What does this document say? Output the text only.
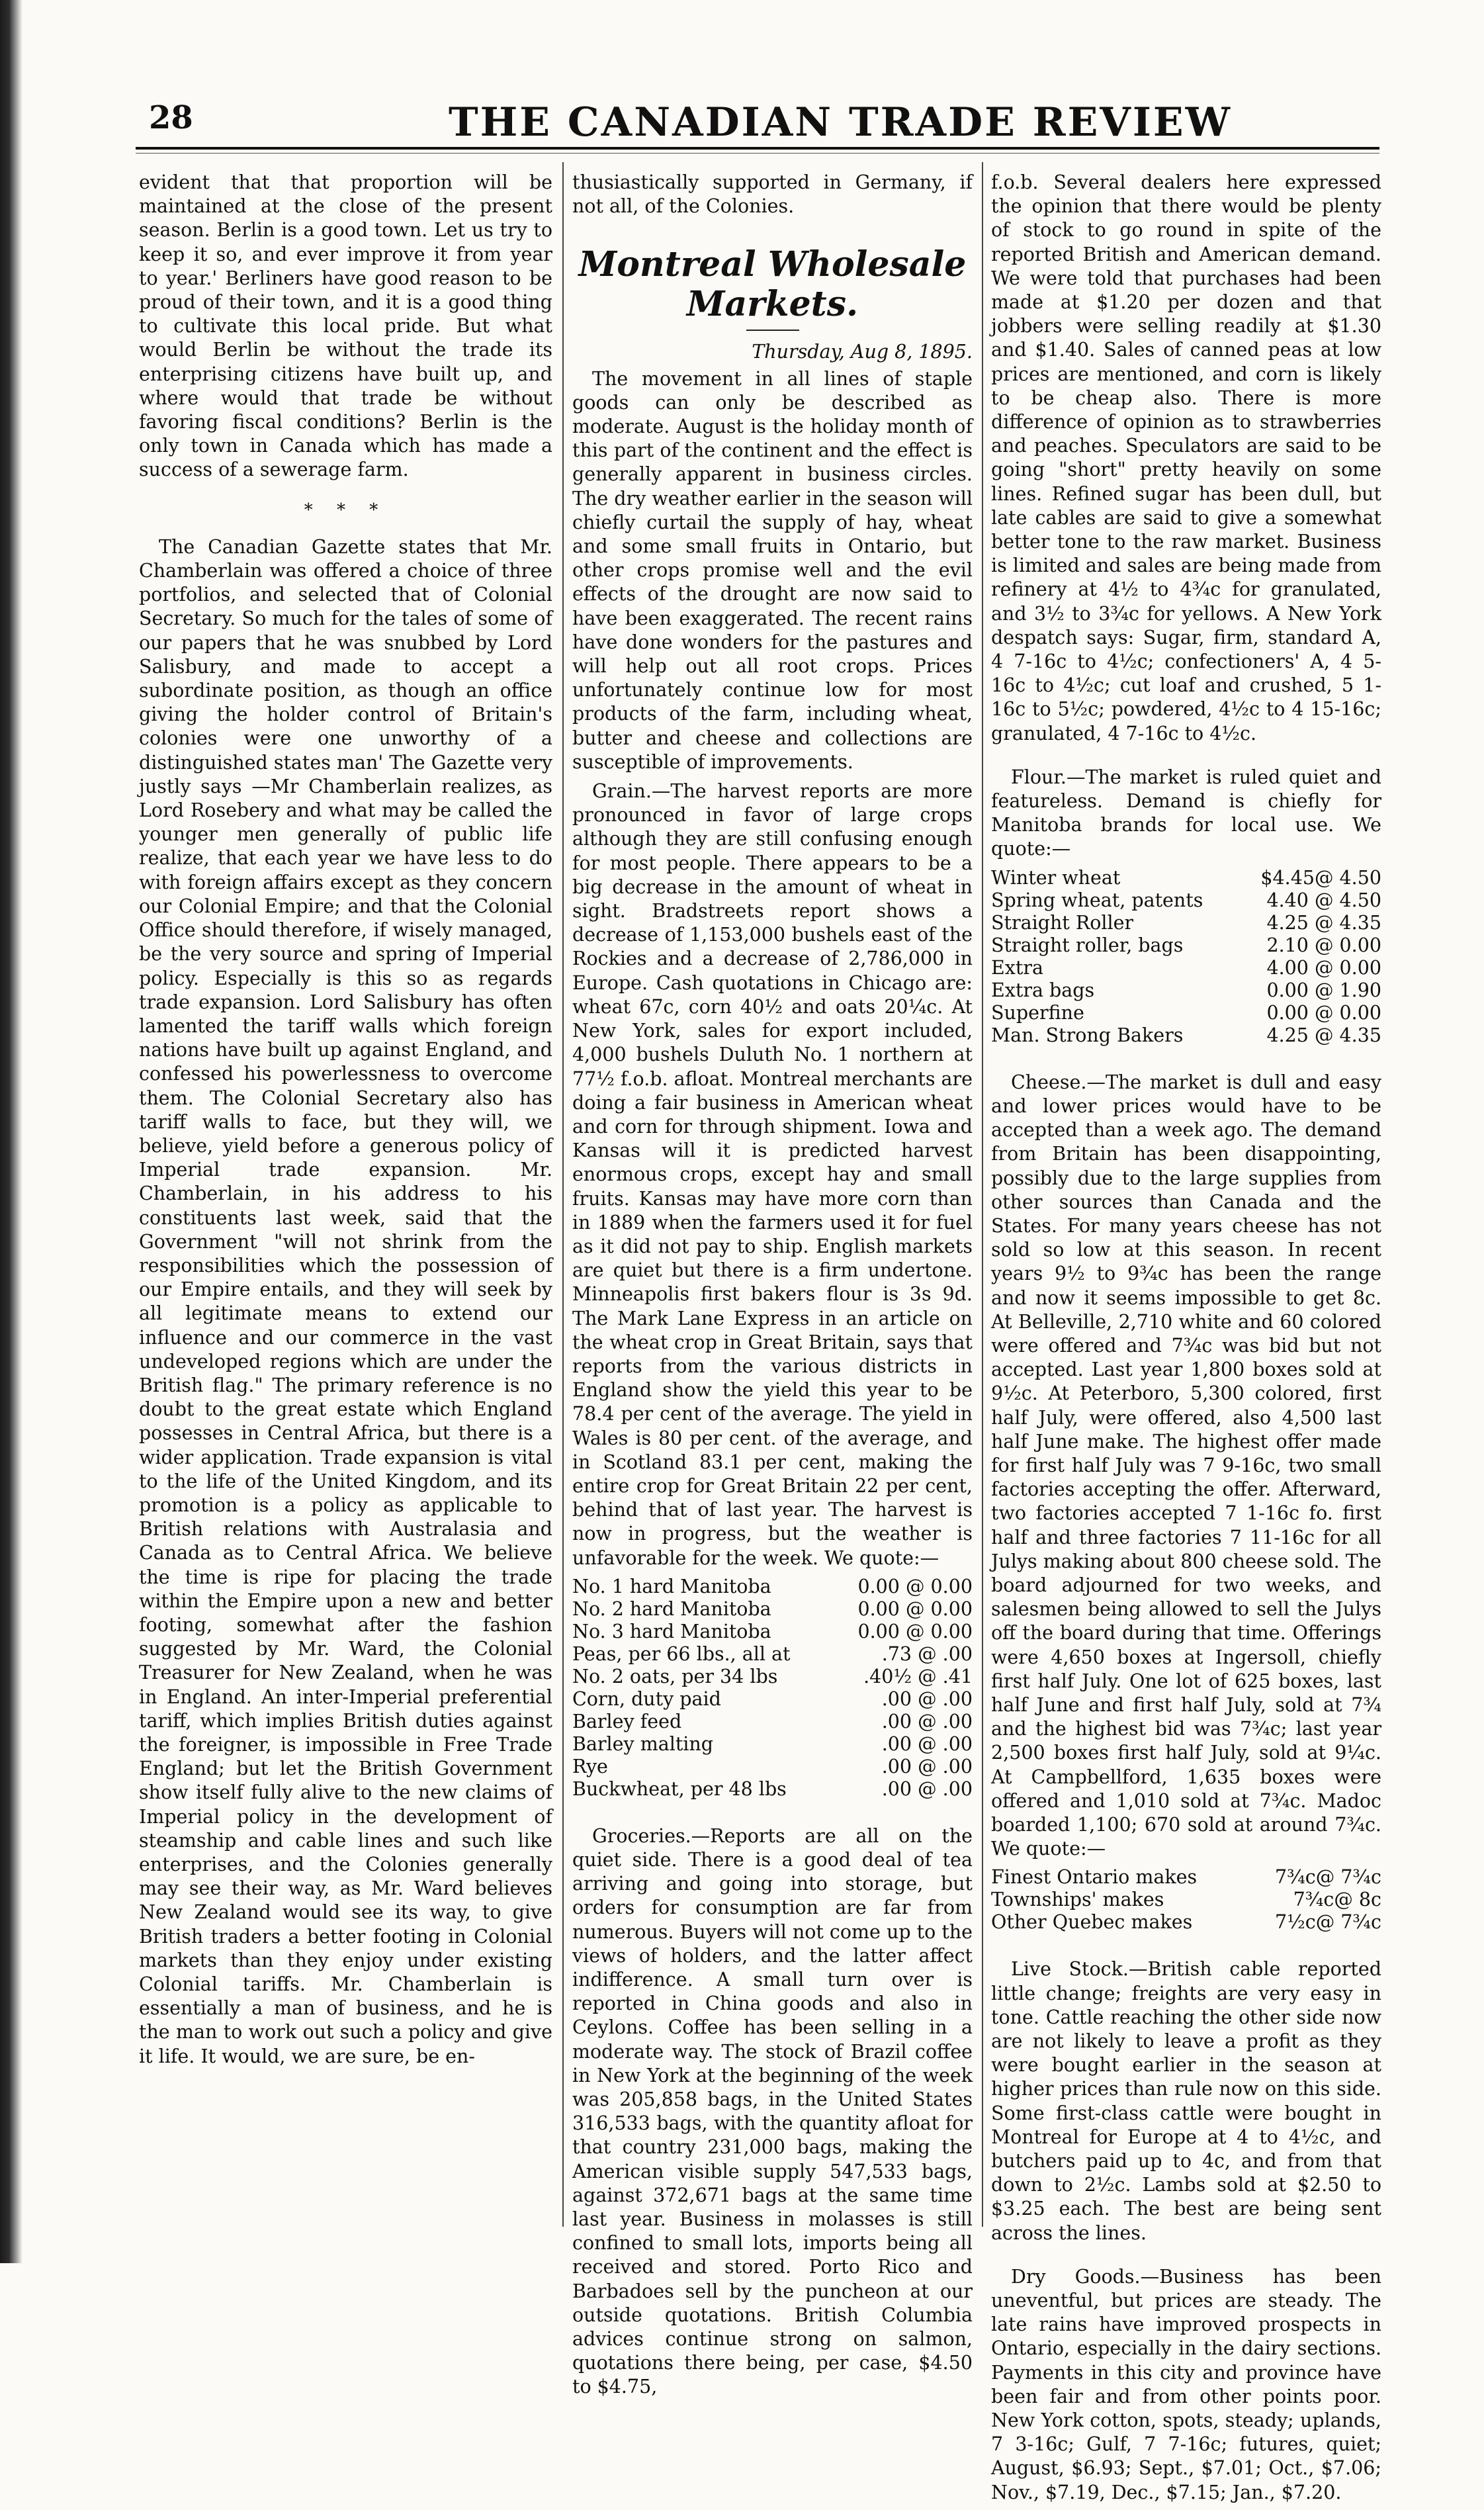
28	THE CANADIAN TRADE REVIEW

evident that that proportion will be maintained at the close of the present season. Berlin is a good town. Let us try to keep it so, and ever improve it from year to year.' Berliners have good reason to be proud of their town, and it is a good thing to cultivate this local pride. But what would Berlin be without the trade its enterprising citizens have built up, and where would that trade be without favoring fiscal conditions? Berlin is the only town in Canada which has made a success of a sewerage farm.

* * *

The Canadian Gazette states that Mr. Chamberlain was offered a choice of three portfolios, and selected that of Colonial Secretary. So much for the tales of some of our papers that he was snubbed by Lord Salisbury, and made to accept a subordinate position, as though an office giving the holder control of Britain's colonies were one unworthy of a distinguished states man' The Gazette very justly says —Mr Chamberlain realizes, as Lord Rosebery and what may be called the younger men generally of public life realize, that each year we have less to do with foreign affairs except as they concern our Colonial Empire; and that the Colonial Office should therefore, if wisely managed, be the very source and spring of Imperial policy. Especially is this so as regards trade expansion. Lord Salisbury has often lamented the tariff walls which foreign nations have built up against England, and confessed his powerlessness to overcome them. The Colonial Secretary also has tariff walls to face, but they will, we believe, yield before a generous policy of Imperial trade expansion. Mr. Chamberlain, in his address to his constituents last week, said that the Government "will not shrink from the responsibilities which the possession of our Empire entails, and they will seek by all legitimate means to extend our influence and our commerce in the vast undeveloped regions which are under the British flag." The primary reference is no doubt to the great estate which England possesses in Central Africa, but there is a wider application. Trade expansion is vital to the life of the United Kingdom, and its promotion is a policy as applicable to British relations with Australasia and Canada as to Central Africa. We believe the time is ripe for placing the trade within the Empire upon a new and better footing, somewhat after the fashion suggested by Mr. Ward, the Colonial Treasurer for New Zealand, when he was in England. An inter-Imperial preferential tariff, which implies British duties against the foreigner, is impossible in Free Trade England; but let the British Government show itself fully alive to the new claims of Imperial policy in the development of steamship and cable lines and such like enterprises, and the Colonies generally may see their way, as Mr. Ward believes New Zealand would see its way, to give British traders a better footing in Colonial markets than they enjoy under existing Colonial tariffs. Mr. Chamberlain is essentially a man of business, and he is the man to work out such a policy and give it life. It would, we are sure, be en-

thusiastically supported in Germany, if not all, of the Colonies.

Montreal Wholesale Markets.
Thursday, Aug 8, 1895.

The movement in all lines of staple goods can only be described as moderate. August is the holiday month of this part of the continent and the effect is generally apparent in business circles. The dry weather earlier in the season will chiefly curtail the supply of hay, wheat and some small fruits in Ontario, but other crops promise well and the evil effects of the drought are now said to have been exaggerated. The recent rains have done wonders for the pastures and will help out all root crops. Prices unfortunately continue low for most products of the farm, including wheat, butter and cheese and collections are susceptible of improvements.

Grain.—The harvest reports are more pronounced in favor of large crops although they are still confusing enough for most people. There appears to be a big decrease in the amount of wheat in sight. Bradstreets report shows a decrease of 1,153,000 bushels east of the Rockies and a decrease of 2,786,000 in Europe. Cash quotations in Chicago are: wheat 67c, corn 40½ and oats 20¼c. At New York, sales for export included, 4,000 bushels Duluth No. 1 northern at 77½ f.o.b. afloat. Montreal merchants are doing a fair business in American wheat and corn for through shipment. Iowa and Kansas will it is predicted harvest enormous crops, except hay and small fruits. Kansas may have more corn than in 1889 when the farmers used it for fuel as it did not pay to ship. English markets are quiet but there is a firm undertone. Minneapolis first bakers flour is 3s 9d. The Mark Lane Express in an article on the wheat crop in Great Britain, says that reports from the various districts in England show the yield this year to be 78.4 per cent of the average. The yield in Wales is 80 per cent. of the average, and in Scotland 83.1 per cent, making the entire crop for Great Britain 22 per cent, behind that of last year. The harvest is now in progress, but the weather is unfavorable for the week. We quote:—

No. 1 hard Manitoba	0.00 @ 0.00
No. 2 hard Manitoba	0.00 @ 0.00
No. 3 hard Manitoba	0.00 @ 0.00
Peas, per 66 lbs., all at	.73 @ .00
No. 2 oats, per 34 lbs	.40½ @ .41
Corn, duty paid	.00 @ .00
Barley feed	.00 @ .00
Barley malting	.00 @ .00
Rye	.00 @ .00
Buckwheat, per 48 lbs	.00 @ .00

Groceries.—Reports are all on the quiet side. There is a good deal of tea arriving and going into storage, but orders for consumption are far from numerous. Buyers will not come up to the views of holders, and the latter affect indifference. A small turn over is reported in China goods and also in Ceylons. Coffee has been selling in a moderate way. The stock of Brazil coffee in New York at the beginning of the week was 205,858 bags, in the United States 316,533 bags, with the quantity afloat for that country 231,000 bags, making the American visible supply 547,533 bags, against 372,671 bags at the same time last year. Business in molasses is still confined to small lots, imports being all received and stored. Porto Rico and Barbadoes sell by the puncheon at our outside quotations. British Columbia advices continue strong on salmon, quotations there being, per case, $4.50 to $4.75,

f.o.b. Several dealers here expressed the opinion that there would be plenty of stock to go round in spite of the reported British and American demand. We were told that purchases had been made at $1.20 per dozen and that jobbers were selling readily at $1.30 and $1.40. Sales of canned peas at low prices are mentioned, and corn is likely to be cheap also. There is more difference of opinion as to strawberries and peaches. Speculators are said to be going "short" pretty heavily on some lines. Refined sugar has been dull, but late cables are said to give a somewhat better tone to the raw market. Business is limited and sales are being made from refinery at 4½ to 4¾c for granulated, and 3½ to 3¾c for yellows. A New York despatch says: Sugar, firm, standard A, 4 7-16c to 4½c; confectioners' A, 4 5-16c to 4½c; cut loaf and crushed, 5 1-16c to 5½c; powdered, 4½c to 4 15-16c; granulated, 4 7-16c to 4½c.

Flour.—The market is ruled quiet and featureless. Demand is chiefly for Manitoba brands for local use. We quote:—

Winter wheat	$4.45@ 4.50
Spring wheat, patents	4.40 @ 4.50
Straight Roller	4.25 @ 4.35
Straight roller, bags	2.10 @ 0.00
Extra	4.00 @ 0.00
Extra bags	0.00 @ 1.90
Superfine	0.00 @ 0.00
Man. Strong Bakers	4.25 @ 4.35

Cheese.—The market is dull and easy and lower prices would have to be accepted than a week ago. The demand from Britain has been disappointing, possibly due to the large supplies from other sources than Canada and the States. For many years cheese has not sold so low at this season. In recent years 9½ to 9¾c has been the range and now it seems impossible to get 8c. At Belleville, 2,710 white and 60 colored were offered and 7¾c was bid but not accepted. Last year 1,800 boxes sold at 9½c. At Peterboro, 5,300 colored, first half July, were offered, also 4,500 last half June make. The highest offer made for first half July was 7 9-16c, two small factories accepting the offer. Afterward, two factories accepted 7 1-16c fo. first half and three factories 7 11-16c for all Julys making about 800 cheese sold. The board adjourned for two weeks, and salesmen being allowed to sell the Julys off the board during that time. Offerings were 4,650 boxes at Ingersoll, chiefly first half July. One lot of 625 boxes, last half June and first half July, sold at 7¾ and the highest bid was 7¾c; last year 2,500 boxes first half July, sold at 9¼c. At Campbellford, 1,635 boxes were offered and 1,010 sold at 7¾c. Madoc boarded 1,100; 670 sold at around 7¾c. We quote:—

Finest Ontario makes	7¾c@ 7¾c
Townships' makes	7¾c@ 8c
Other Quebec makes	7½c@ 7¾c

Live Stock.—British cable reported little change; freights are very easy in tone. Cattle reaching the other side now are not likely to leave a profit as they were bought earlier in the season at higher prices than rule now on this side. Some first-class cattle were bought in Montreal for Europe at 4 to 4½c, and butchers paid up to 4c, and from that down to 2½c. Lambs sold at $2.50 to $3.25 each. The best are being sent across the lines.

Dry Goods.—Business has been uneventful, but prices are steady. The late rains have improved prospects in Ontario, especially in the dairy sections. Payments in this city and province have been fair and from other points poor. New York cotton, spots, steady; uplands, 7 3-16c; Gulf, 7 7-16c; futures, quiet; August, $6.93; Sept., $7.01; Oct., $7.06; Nov., $7.19, Dec., $7.15; Jan., $7.20.
